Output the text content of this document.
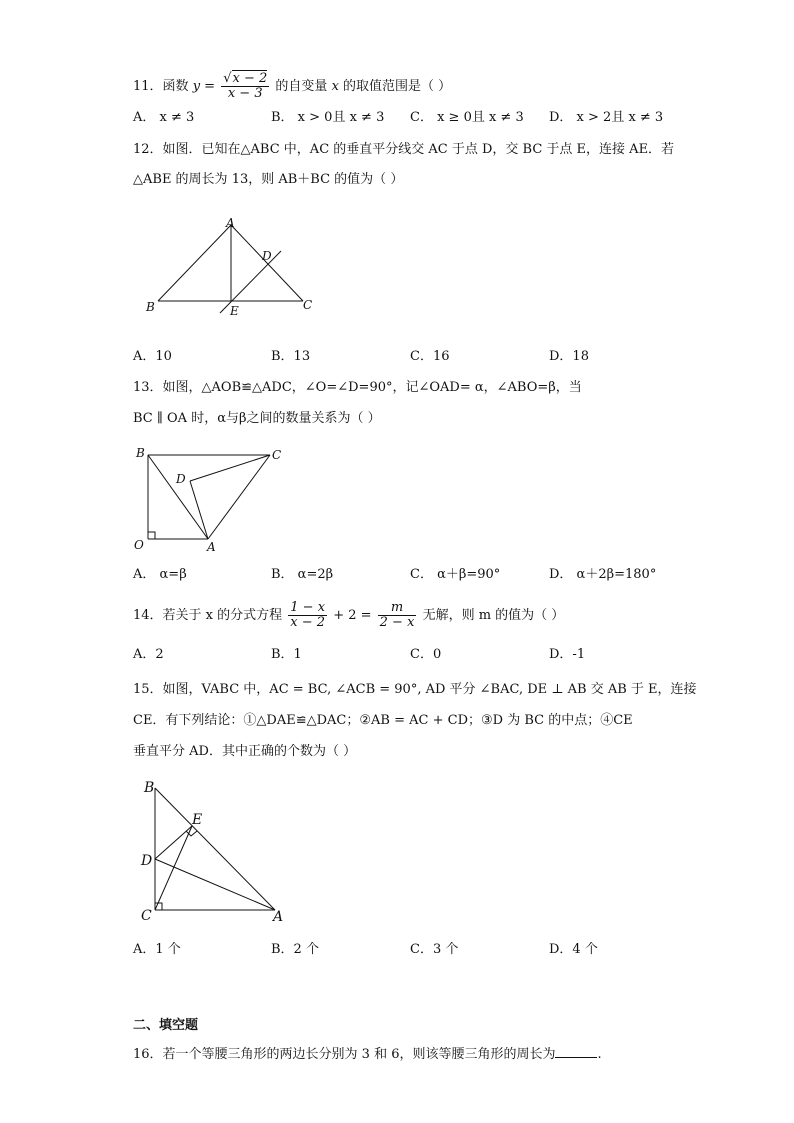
11．函数 $y = \frac{√x - 2}{x - 3}$ 的自变量 x 的取值范围是（ ）
A． x ≠ 3	B． x > 0且 x ≠ 3 C． x ≥ 0且 x ≠ 3 D． x > 2且 x ≠ 3
12．如图．已知在△ABC 中，AC 的垂直平分线交 AC 于点 D，交 BC 于点 E，连接 AE．若
△ABE 的周长为 13，则 AB＋BC 的值为（ ）
A
B	C
D
E
A．10	B．13	C．16	D．18
13．如图，△AOB≌△ADC，∠O=∠D=90°，记∠OAD= α，∠ABO=β，当
BC ∥ OA 时，α与β之间的数量关系为（ ）
B	C
D
O	A
A． α=β	B． α=2β	C． α＋β=90°	D． α＋2β=180°
14．若关于 x 的分式方程 $\frac{1 - x}{x - 2} + 2 = \frac{m}{2 - x}$ 无解，则 m 的值为（ ）
A．2	B．1	C．0	D．-1
15．如图，VABC 中，AC = BC, ∠ACB = 90°, AD 平分 ∠BAC, DE ⊥ AB 交 AB 于 E，连接
CE．有下列结论：①△DAE≌△DAC；②AB = AC + CD；③D 为 BC 的中点；④CE
垂直平分 AD．其中正确的个数为（ ）
B
E
D
C	A
A．1 个	B．2 个	C．3 个	D．4 个
二、填空题
16．若一个等腰三角形的两边长分别为 3 和 6，则该等腰三角形的周长为	.
